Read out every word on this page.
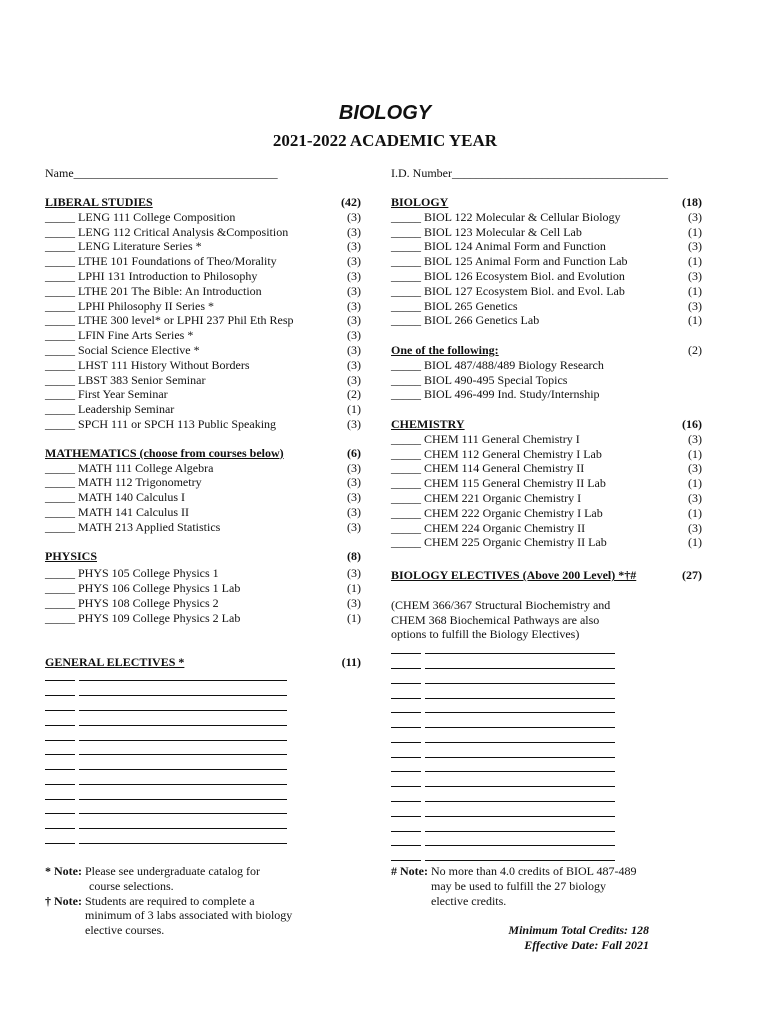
BIOLOGY
2021-2022 ACADEMIC YEAR
Name__________________________________	I.D. Number____________________________________
LIBERAL STUDIES	(42)
_____ LENG 111 College Composition	(3)
_____ LENG 112 Critical Analysis &Composition	(3)
_____ LENG Literature Series *	(3)
_____ LTHE 101 Foundations of Theo/Morality	(3)
_____ LPHI 131 Introduction to Philosophy	(3)
_____ LTHE 201 The Bible: An Introduction	(3)
_____ LPHI Philosophy II Series *	(3)
_____ LTHE 300 level* or LPHI 237 Phil Eth Resp	(3)
_____ LFIN Fine Arts Series *	(3)
_____ Social Science Elective *	(3)
_____ LHST 111 History Without Borders	(3)
_____ LBST 383 Senior Seminar	(3)
_____ First Year Seminar	(2)
_____ Leadership Seminar	(1)
_____ SPCH 111 or SPCH 113 Public Speaking	(3)
MATHEMATICS (choose from courses below)	(6)
_____ MATH 111 College Algebra	(3)
_____ MATH 112 Trigonometry	(3)
_____ MATH 140 Calculus I	(3)
_____ MATH 141 Calculus II	(3)
_____ MATH 213 Applied Statistics	(3)
PHYSICS	(8)
_____ PHYS 105 College Physics 1	(3)
_____ PHYS 106 College Physics 1 Lab	(1)
_____ PHYS 108 College Physics 2	(3)
_____ PHYS 109 College Physics 2 Lab	(1)
GENERAL ELECTIVES *	(11)
* Note: Please see undergraduate catalog for
course selections.
† Note: Students are required to complete a
minimum of 3 labs associated with biology
elective courses.
BIOLOGY	(18)
_____ BIOL 122 Molecular & Cellular Biology	(3)
_____ BIOL 123 Molecular & Cell Lab	(1)
_____ BIOL 124 Animal Form and Function	(3)
_____ BIOL 125 Animal Form and Function Lab	(1)
_____ BIOL 126 Ecosystem Biol. and Evolution	(3)
_____ BIOL 127 Ecosystem Biol. and Evol. Lab	(1)
_____ BIOL 265 Genetics	(3)
_____ BIOL 266 Genetics Lab	(1)
One of the following:	(2)
_____ BIOL 487/488/489 Biology Research
_____ BIOL 490-495 Special Topics
_____ BIOL 496-499 Ind. Study/Internship
CHEMISTRY	(16)
_____ CHEM 111 General Chemistry I	(3)
_____ CHEM 112 General Chemistry I Lab	(1)
_____ CHEM 114 General Chemistry II	(3)
_____ CHEM 115 General Chemistry II Lab	(1)
_____ CHEM 221 Organic Chemistry I	(3)
_____ CHEM 222 Organic Chemistry I Lab	(1)
_____ CHEM 224 Organic Chemistry II	(3)
_____ CHEM 225 Organic Chemistry II Lab	(1)
BIOLOGY ELECTIVES (Above 200 Level) *†#	(27)
(CHEM 366/367 Structural Biochemistry and
CHEM 368 Biochemical Pathways are also
options to fulfill the Biology Electives)
# Note: No more than 4.0 credits of BIOL 487-489
may be used to fulfill the 27 biology
elective credits.
Minimum Total Credits: 128
Effective Date: Fall 2021
